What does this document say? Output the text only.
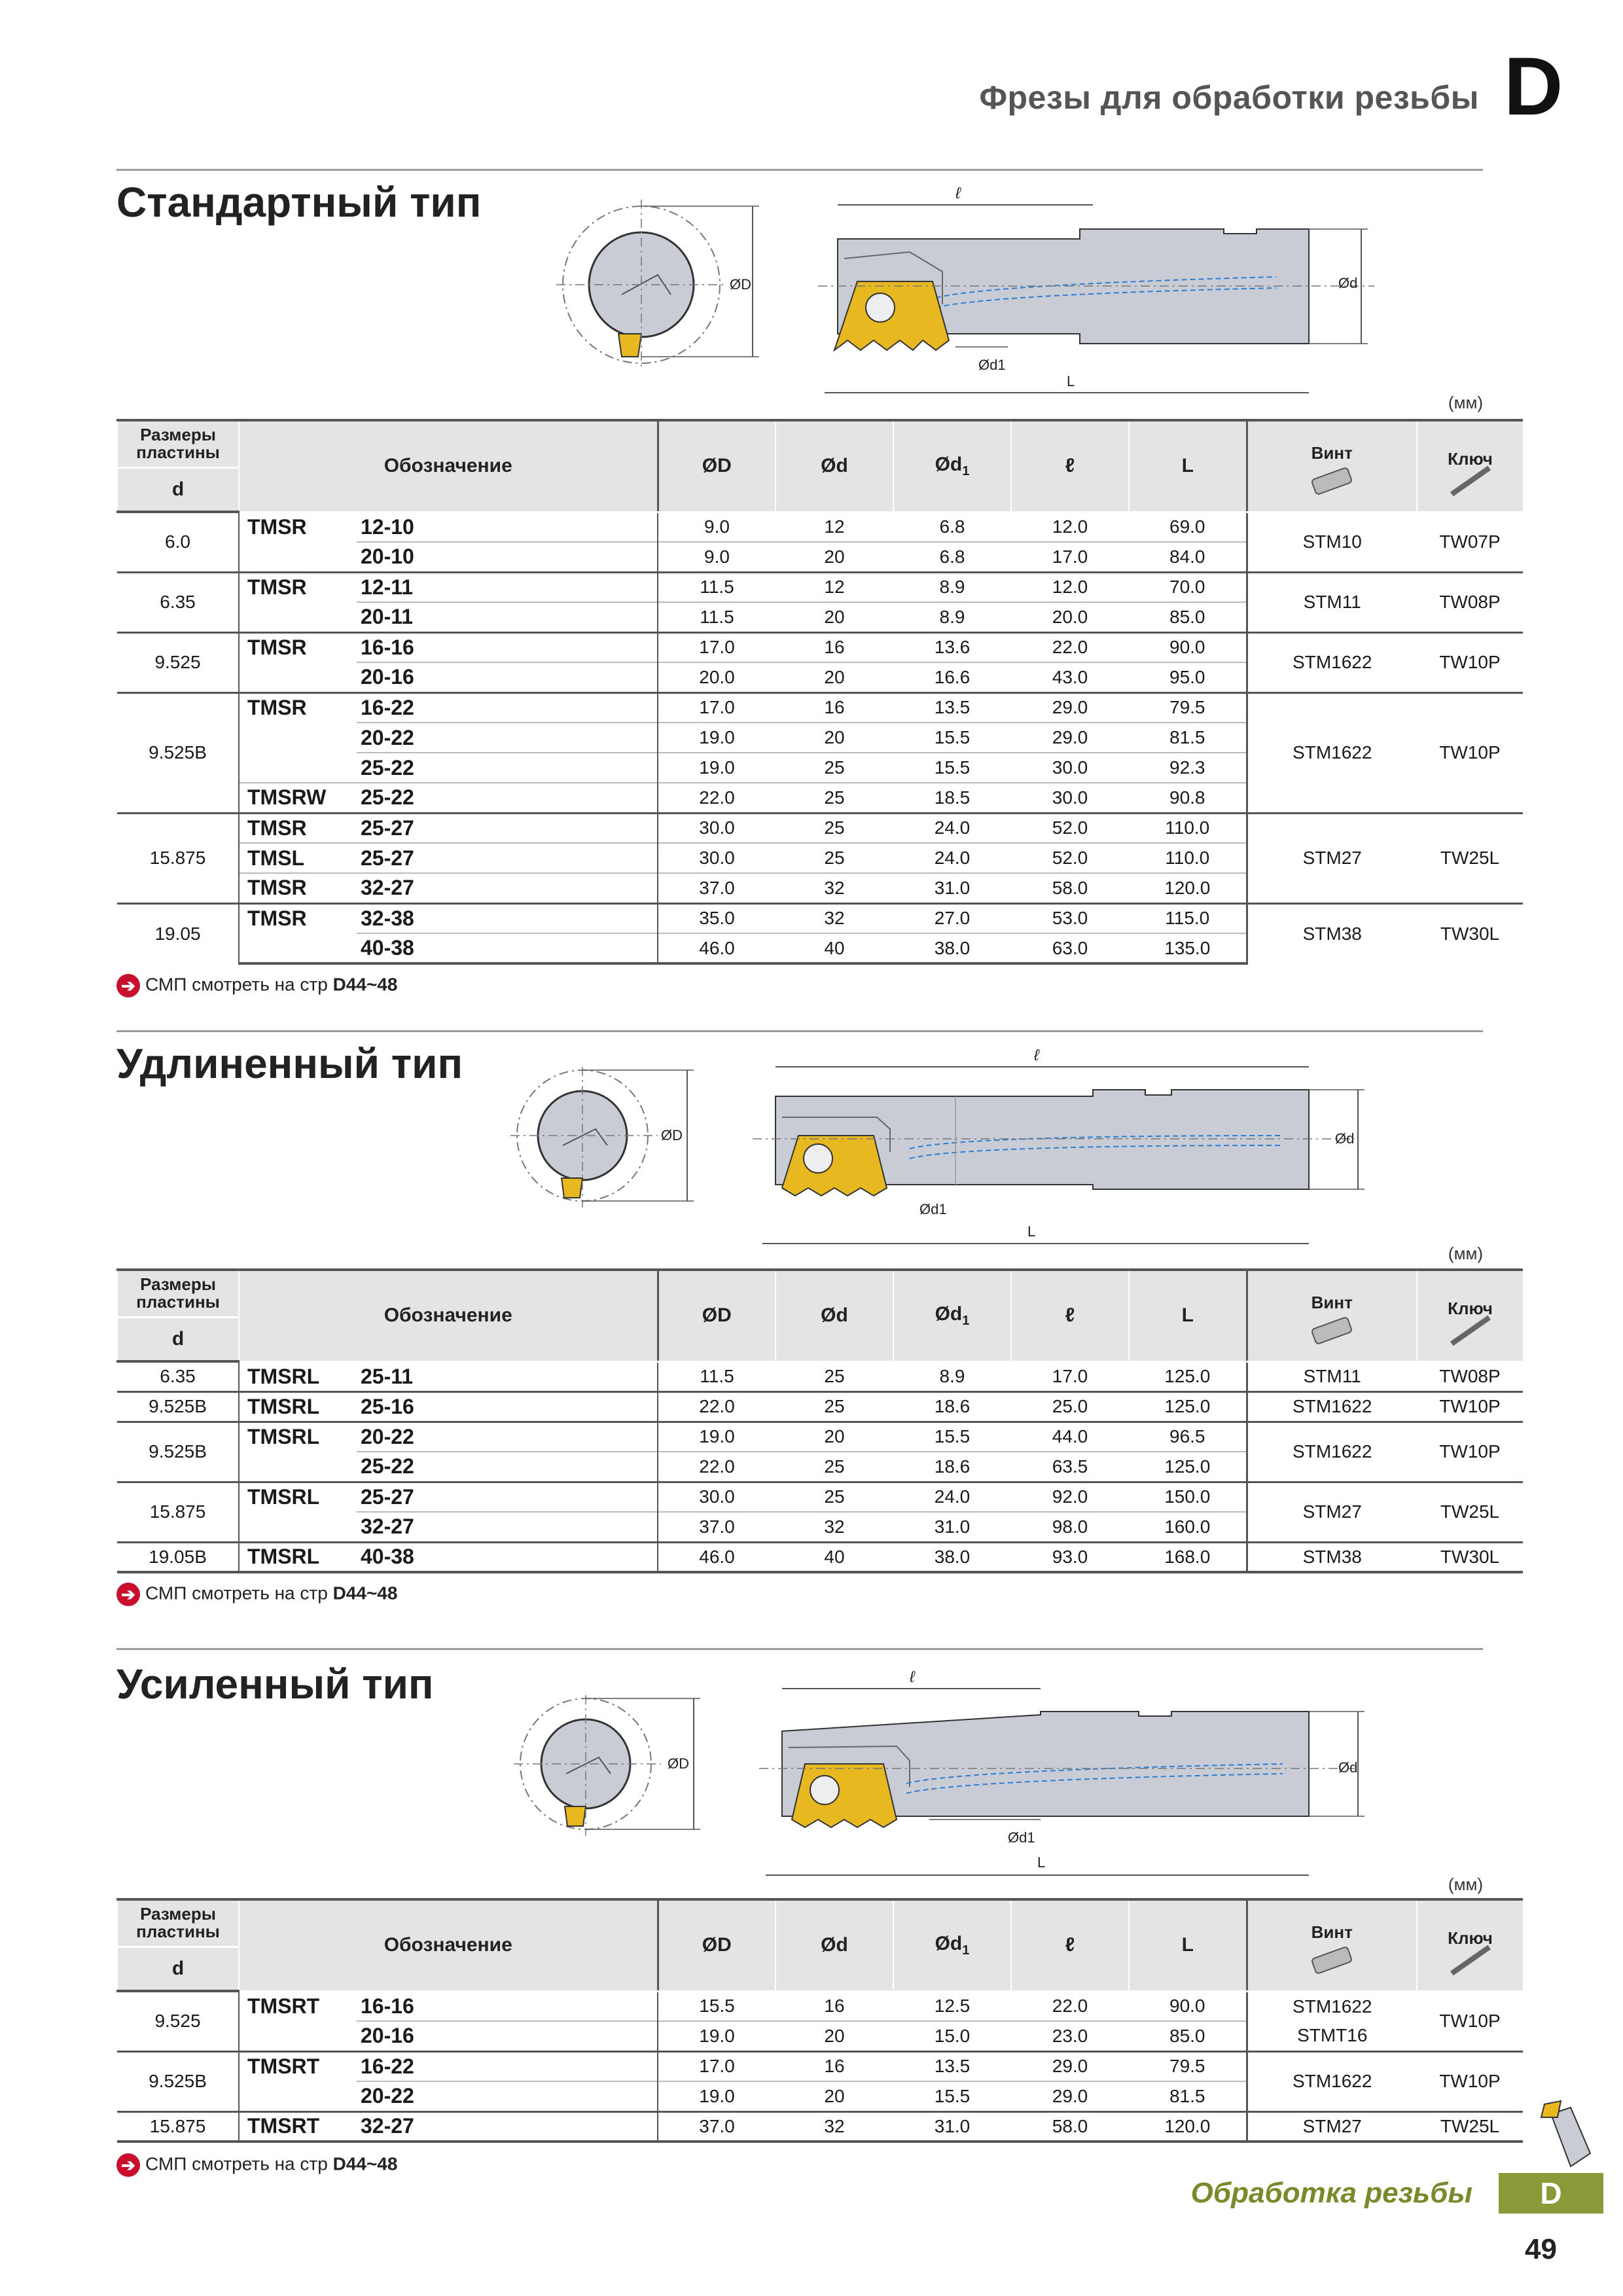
Фрезы для обработки резьбы D
Стандартный тип
ØD
ℓ
Ød
Ød1
L
(мм)
Размеры пластины	Обозначение		ØD	Ød	$Ød_1$	ℓ	L	Винт	Ключ

d									
6.0	TMSR	12-10	9.0	12	6.8	12.0	69.0	STM10	TW07P
		20-10	9.0	20	6.8	17.0	84.0		
6.35	TMSR	12-11	11.5	12	8.9	12.0	70.0	STM11	TW08P
		20-11	11.5	20	8.9	20.0	85.0		
9.525	TMSR	16-16	17.0	16	13.6	22.0	90.0	STM1622	TW10P
		20-16	20.0	20	16.6	43.0	95.0		
9.525B	TMSR	16-22	17.0	16	13.5	29.0	79.5	STM1622	TW10P
		20-22	19.0	20	15.5	29.0	81.5		
		25-22	19.0	25	15.5	30.0	92.3		
	TMSRW	25-22	22.0	25	18.5	30.0	90.8		
15.875	TMSR	25-27	30.0	25	24.0	52.0	110.0	STM27	TW25L
	TMSL	25-27	30.0	25	24.0	52.0	110.0		
	TMSR	32-27	37.0	32	31.0	58.0	120.0		
19.05	TMSR	32-38	35.0	32	27.0	53.0	115.0	STM38	TW30L
		40-38	46.0	40	38.0	63.0	135.0		
➔ СМП смотреть на стр D44~48
Удлиненный тип
ØD
ℓ
Ød
Ød1
L
(мм)
Размеры пластины	Обозначение		ØD	Ød	$Ød_1$	ℓ	L	Винт	Ключ

d									
6.35	TMSRL	25-11	11.5	25	8.9	17.0	125.0	STM11	TW08P
9.525B	TMSRL	25-16	22.0	25	18.6	25.0	125.0	STM1622	TW10P
9.525B	TMSRL	20-22	19.0	20	15.5	44.0	96.5	STM1622	TW10P
		25-22	22.0	25	18.6	63.5	125.0		
15.875	TMSRL	25-27	30.0	25	24.0	92.0	150.0	STM27	TW25L
		32-27	37.0	32	31.0	98.0	160.0		
19.05B	TMSRL	40-38	46.0	40	38.0	93.0	168.0	STM38	TW30L
➔ СМП смотреть на стр D44~48
Усиленный тип
ØD
ℓ
Ød
Ød1
L
(мм)
Размеры пластины	Обозначение		ØD	Ød	$Ød_1$	ℓ	L	Винт	Ключ

d									
9.525	TMSRT	16-16	15.5	16	12.5	22.0	90.0	STM1622	TW10P
		20-16	19.0	20	15.0	23.0	85.0	STMT16	
9.525B	TMSRT	16-22	17.0	16	13.5	29.0	79.5	STM1622	TW10P
		20-22	19.0	20	15.5	29.0	81.5		
15.875	TMSRT	32-27	37.0	32	31.0	58.0	120.0	STM27	TW25L
➔ СМП смотреть на стр D44~48
Обработка резьбы	D
49
